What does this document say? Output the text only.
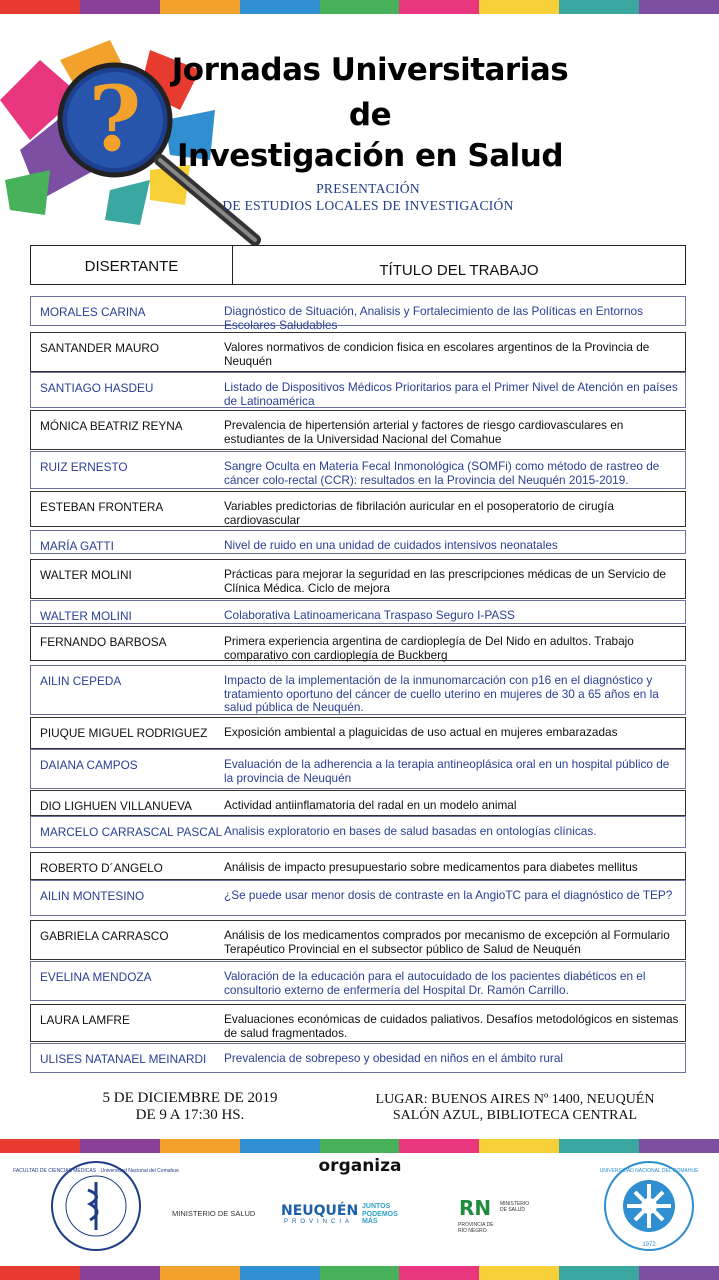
? Jornadas Universitarias
de
Investigación en Salud
PRESENTACIÓN
DE ESTUDIOS LOCALES DE INVESTIGACIÓN
DISERTANTE	TÍTULO DEL TRABAJO
MORALES CARINA	Diagnóstico de Situación, Analisis y Fortalecimiento de las Políticas en Entornos Escolares Saludables
SANTANDER MAURO	Valores normativos de condicion fisica en escolares argentinos de la Provincia de Neuquén
SANTIAGO HASDEU	Listado de Dispositivos Médicos Prioritarios para el Primer Nivel de Atención en países de Latinoamérica
MÓNICA BEATRIZ REYNA	Prevalencia de hipertensión arterial y factores de riesgo cardiovasculares en estudiantes de la Universidad Nacional del Comahue
RUIZ ERNESTO	Sangre Oculta en Materia Fecal Inmonológica (SOMFi) como método de rastreo de cáncer colo-rectal (CCR): resultados en la Provincia del Neuquén 2015-2019.
ESTEBAN FRONTERA	Variables predictorias de fibrilación auricular en el posoperatorio de cirugía cardiovascular
MARÍA GATTI	Nivel de ruido en una unidad de cuidados intensivos neonatales
WALTER MOLINI	Prácticas para mejorar la seguridad en las prescripciones médicas de un Servicio de Clínica Médica. Ciclo de mejora
WALTER MOLINI	Colaborativa Latinoamericana Traspaso Seguro I-PASS
FERNANDO BARBOSA	Primera experiencia argentina de cardioplegía de Del Nido en adultos. Trabajo comparativo con cardioplegía de Buckberg
AILIN CEPEDA	Impacto de la implementación de la inmunomarcación con p16 en el diagnóstico y tratamiento oportuno del cáncer de cuello uterino en mujeres de 30 a 65 años en la salud pública de Neuquén.
PIUQUE MIGUEL RODRIGUEZ Exposición ambiental a plaguicidas de uso actual en mujeres embarazadas
DAIANA CAMPOS	Evaluación de la adherencia a la terapia antineoplásica oral en un hospital público de la provincia de Neuquén
DIO LIGHUEN VILLANUEVA	Actividad antiinflamatoria del radal en un modelo animal
MARCELO CARRASCAL PASCAL Analisis exploratorio en bases de salud basadas en ontologías clínicas.
ROBERTO D´ANGELO	Análisis de impacto presupuestario sobre medicamentos para diabetes mellitus
AILIN MONTESINO	¿Se puede usar menor dosis de contraste en la AngioTC para el diagnóstico de TEP?
GABRIELA CARRASCO	Análisis de los medicamentos comprados por mecanismo de excepción al Formulario Terapéutico Provincial en el subsector público de Salud de Neuquén
EVELINA MENDOZA	Valoración de la educación para el autocuidado de los pacientes diabéticos en el consultorio externo de enfermería del Hospital Dr. Ramón Carrillo.
LAURA LAMFRE	Evaluaciones económicas de cuidados paliativos. Desafíos metodológicos en sistemas de salud fragmentados.
ULISES NATANAEL MEINARDI Prevalencia de sobrepeso y obesidad en niños en el ámbito rural
5 DE DICIEMBRE DE 2019
DE 9 A 17:30 HS.
LUGAR: BUENOS AIRES Nº 1400, NEUQUÉN
SALÓN AZUL, BIBLIOTECA CENTRAL
organiza
FACULTAD DE CIENCIAS MÉDICAS · Universidad Nacional del Comahue
MINISTERIO DE SALUD NEUQUÉN
PROVINCIA
JUNTOS PODEMOS MÁS
RN MINISTERIO DE SALUD
PROVINCIA DE RÍO NEGRO
UNIVERSIDAD NACIONAL DEL COMAHUE
1972
